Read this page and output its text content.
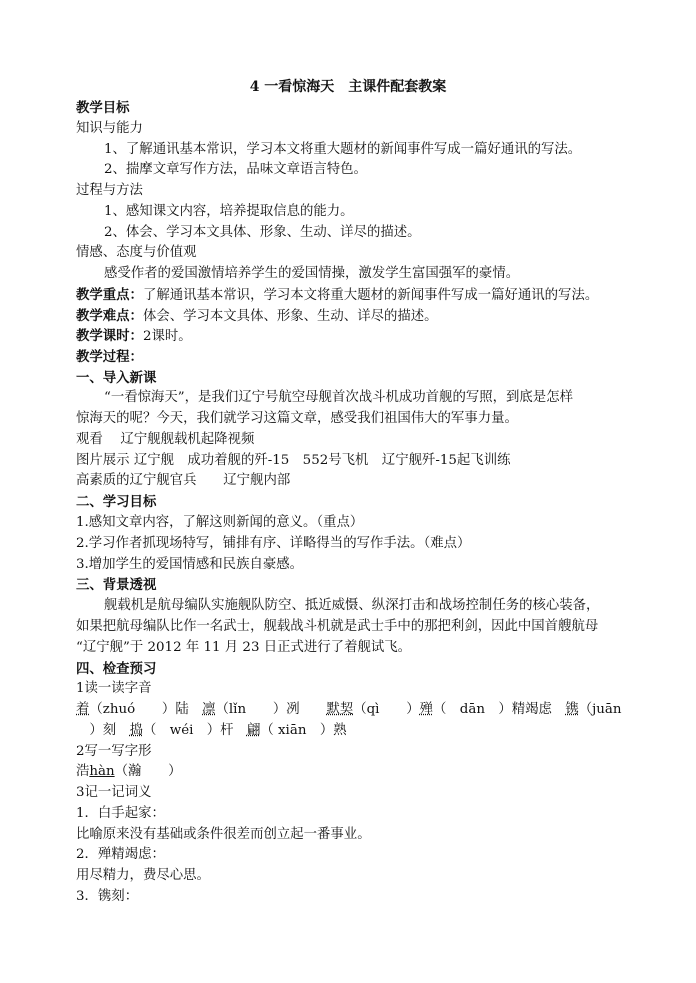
4 一看惊海天　主课件配套教案
教学目标
知识与能力
1、了解通讯基本常识，学习本文将重大题材的新闻事件写成一篇好通讯的写法。
2、揣摩文章写作方法，品味文章语言特色。
过程与方法
1、感知课文内容，培养提取信息的能力。
2、体会、学习本文具体、形象、生动、详尽的描述。
情感、态度与价值观
感受作者的爱国激情培养学生的爱国情操，激发学生富国强军的豪情。
教学重点：了解通讯基本常识，学习本文将重大题材的新闻事件写成一篇好通讯的写法。
教学难点：体会、学习本文具体、形象、生动、详尽的描述。
教学课时：2课时。
教学过程：
一、导入新课
“一看惊海天”，是我们辽宁号航空母舰首次战斗机成功首舰的写照，到底是怎样
惊海天的呢？今天，我们就学习这篇文章，感受我们祖国伟大的军事力量。
观看　 辽宁舰舰载机起降视频
图片展示 辽宁舰　成功着舰的歼-15　552号飞机　辽宁舰歼-15起飞训练
高素质的辽宁舰官兵　　辽宁舰内部
二、学习目标
1.感知文章内容，了解这则新闻的意义。（重点）
2.学习作者抓现场特写，铺排有序、详略得当的写作手法。（难点）
3.增加学生的爱国情感和民族自豪感。
三、背景透视
舰载机是航母编队实施舰队防空、抵近威慑、纵深打击和战场控制任务的核心装备，
如果把航母编队比作一名武士，舰载战斗机就是武士手中的那把利剑，因此中国首艘航母
“辽宁舰”于 2012 年 11 月 23 日正式进行了着舰试飞。
四、检查预习
1读一读字音
着（zhuó　　）陆　凛（lǐn　　）冽　　默契（qì　　）殚（　dān　）精竭虑　镌（juān
　）刻　捣（　wéi　）杆　翩（ xiān　）熟
2写一写字形
浩hàn（瀚　　）
3记一记词义
1．白手起家：
比喻原来没有基础或条件很差而创立起一番事业。
2．殚精竭虑：
用尽精力，费尽心思。
3．镌刻：
